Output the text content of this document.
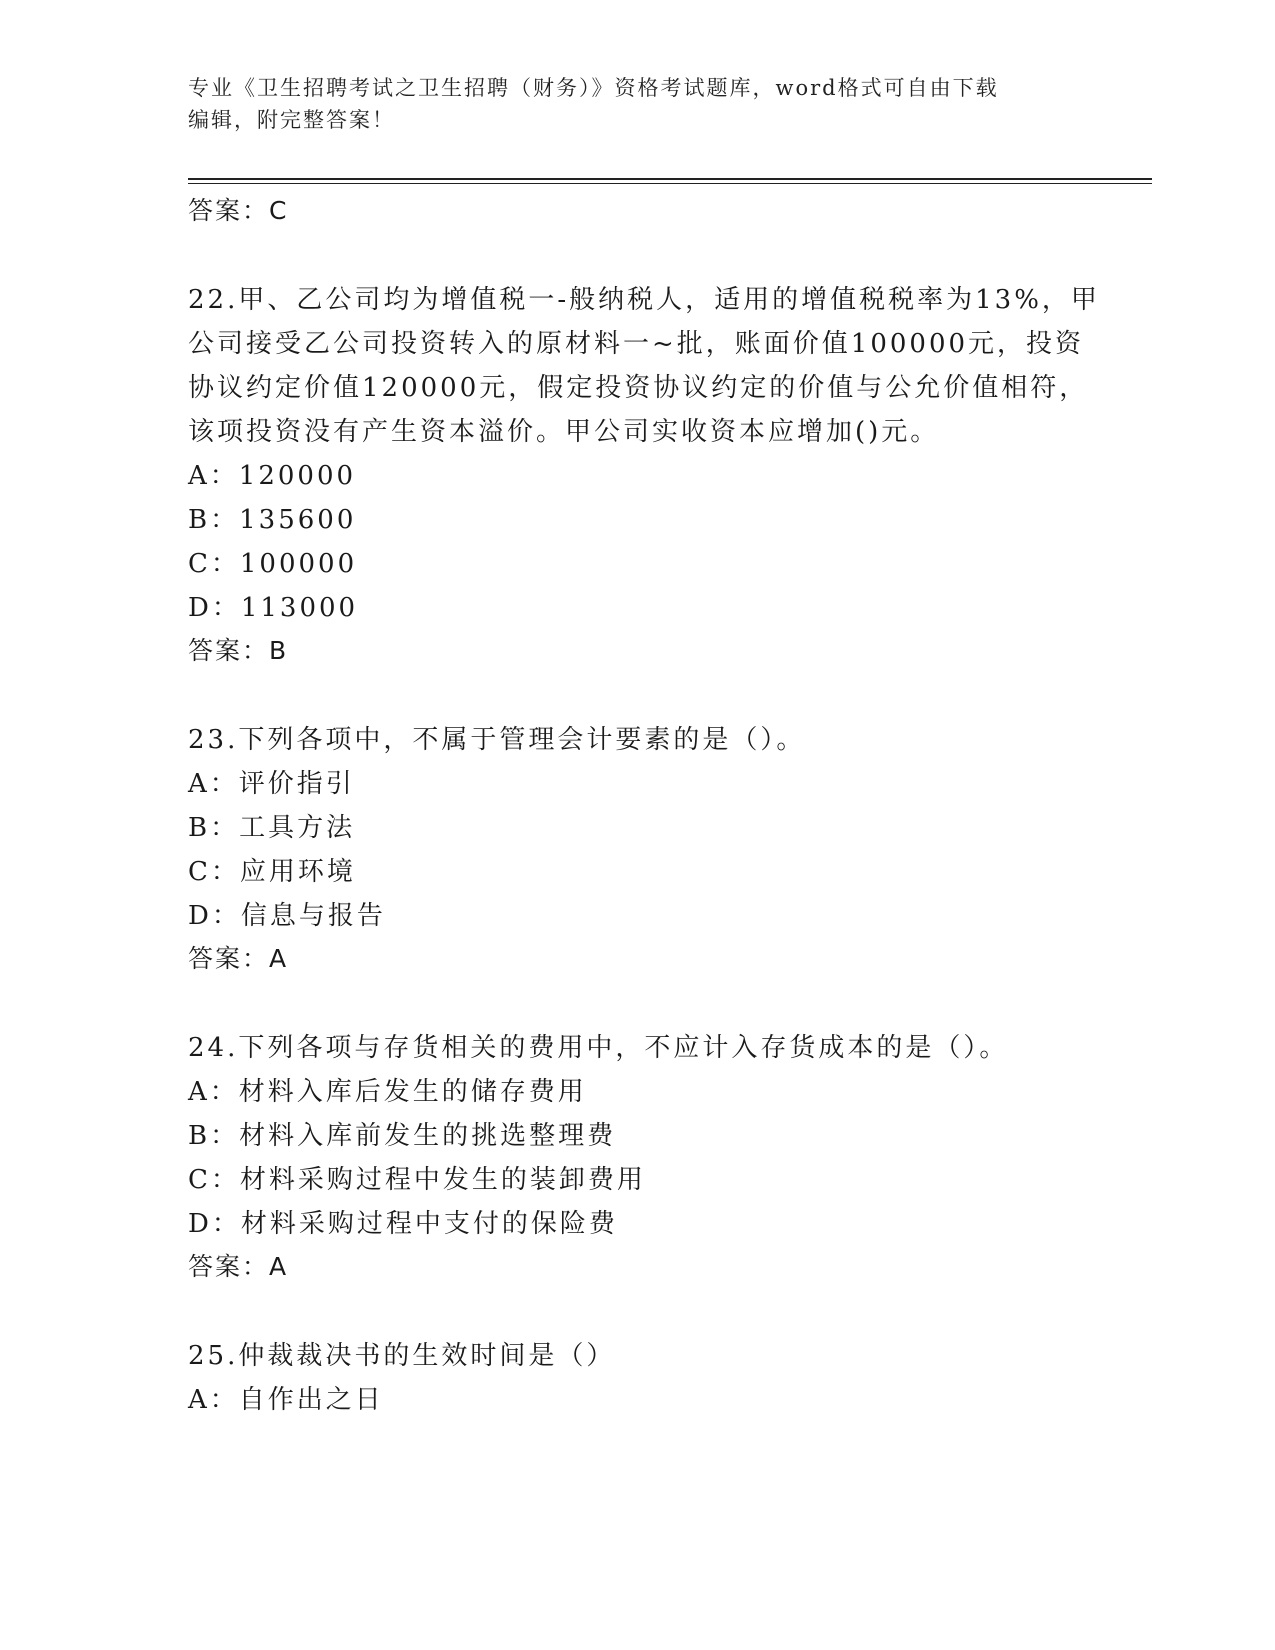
专业《卫生招聘考试之卫生招聘（财务）》资格考试题库，word格式可自由下载
编辑，附完整答案！
答案：C
22.甲、乙公司均为增值税一-般纳税人，适用的增值税税率为13%，甲
公司接受乙公司投资转入的原材料一~批，账面价值100000元，投资
协议约定价值120000元，假定投资协议约定的价值与公允价值相符，
该项投资没有产生资本溢价。甲公司实收资本应增加()元。
A：120000
B：135600
C：100000
D：113000
答案：B
23.下列各项中，不属于管理会计要素的是（）。
A：评价指引
B：工具方法
C：应用环境
D：信息与报告
答案：A
24.下列各项与存货相关的费用中，不应计入存货成本的是（）。
A：材料入库后发生的储存费用
B：材料入库前发生的挑选整理费
C：材料采购过程中发生的装卸费用
D：材料采购过程中支付的保险费
答案：A
25.仲裁裁决书的生效时间是（）
A：自作出之日
